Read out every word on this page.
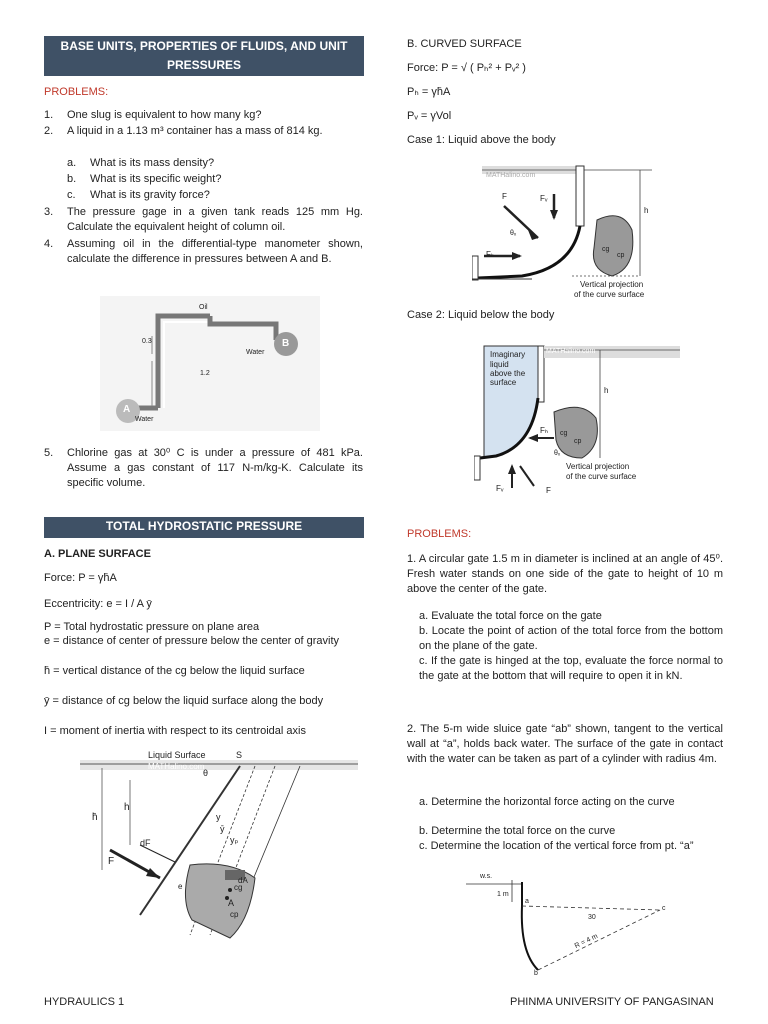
BASE UNITS, PROPERTIES OF FLUIDS, AND UNIT PRESSURES
PROBLEMS:
1. One slug is equivalent to how many kg?
2. A liquid in a 1.13 m³ container has a mass of 814 kg.
a. What is its mass density?
b. What is its specific weight?
c. What is its gravity force?
3. The pressure gage in a given tank reads 125 mm Hg. Calculate the equivalent height of column oil.
4. Assuming oil in the differential-type manometer shown, calculate the difference in pressures between A and B.
Oil
0.3
1.2
Water
Water
B
A
5. Chlorine gas at 30⁰ C is under a pressure of 481 kPa. Assume a gas constant of 117 N-m/kg-K. Calculate its specific volume.
TOTAL HYDROSTATIC PRESSURE
A. PLANE SURFACE
Force: P = γh̄A
Eccentricity: e = I / A ȳ
P = Total hydrostatic pressure on plane area
e = distance of center of pressure below the center of gravity
h̄ = vertical distance of the cg below the liquid surface
ȳ = distance of cg below the liquid surface along the body
I = moment of inertia with respect to its centroidal axis
Liquid Surface	S
MATHalino.com
θ
h̄
h
y
ȳ
yₚ
dF
F
dA
A
cg
cp
e
B. CURVED SURFACE
Force: P = √ ( Pₕ² + Pᵥ² )
Pₕ = γh̄A
Pᵥ = γVol
Case 1: Liquid above the body
MATHalino.com
F	Fᵥ
θₓ
Fₕ
h
cg
cp
Vertical projection
of the curve surface
Case 2: Liquid below the body
Imaginary
liquid
above the
surface
MATHalino.com
h
Fₕ cg
cp
θₓ
Vertical projection
of the curve surface
Fᵥ	F
PROBLEMS:
1. A circular gate 1.5 m in diameter is inclined at an angle of 45⁰. Fresh water stands on one side of the gate to height of 10 m above the center of the gate.
a. Evaluate the total force on the gate
b. Locate the point of action of the total force from the bottom on the plane of the gate.
c. If the gate is hinged at the top, evaluate the force normal to the gate at the bottom that will require to open it in kN.
2. The 5-m wide sluice gate “ab” shown, tangent to the vertical wall at “a”, holds back water. The surface of the gate in contact with the water can be taken as part of a cylinder with radius 4m.
a. Determine the horizontal force acting on the curve
b. Determine the total force on the curve
c. Determine the location of the vertical force from pt. “a”
w.s.
1 m
a
b
c
30
R = 4 m
HYDRAULICS 1	PHINMA UNIVERSITY OF PANGASINAN
